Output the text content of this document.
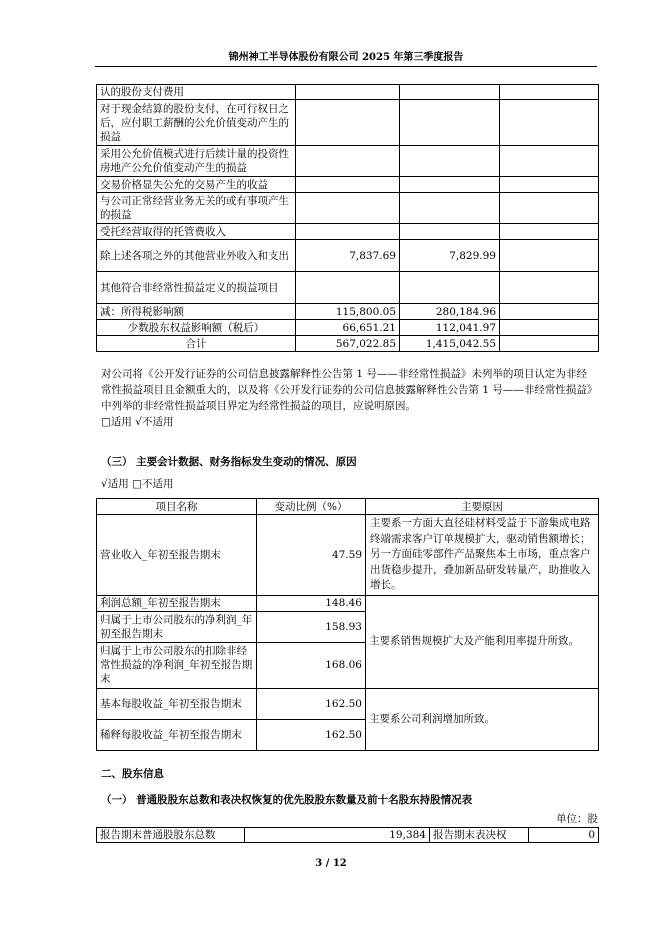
锦州神工半导体股份有限公司 2025 年第三季度报告
认的股份支付费用			
对于现金结算的股份支付，在可行权日之后，应付职工薪酬的公允价值变动产生的损益			
采用公允价值模式进行后续计量的投资性房地产公允价值变动产生的损益			
交易价格显失公允的交易产生的收益			
与公司正常经营业务无关的或有事项产生的损益			
受托经营取得的托管费收入			
除上述各项之外的其他营业外收入和支出	7,837.69	7,829.99	
其他符合非经常性损益定义的损益项目			
减：所得税影响额	115,800.05	280,184.96	
少数股东权益影响额（税后）	66,651.21	112,041.97	
合计	567,022.85	1,415,042.55	
对公司将《公开发行证券的公司信息披露解释性公告第 1 号——非经常性损益》未列举的项目认定为非经常性损益项目且金额重大的，以及将《公开发行证券的公司信息披露解释性公告第 1 号——非经常性损益》中列举的非经常性损益项目界定为经常性损益的项目，应说明原因。
□适用 √不适用
（三） 主要会计数据、财务指标发生变动的情况、原因
√适用 □不适用
项目名称	变动比例（%）	主要原因
营业收入_年初至报告期末	47.59	主要系一方面大直径硅材料受益于下游集成电路终端需求客户订单规模扩大，驱动销售额增长；另一方面硅零部件产品聚焦本土市场，重点客户出货稳步提升，叠加新品研发转量产，助推收入增长。
利润总额_年初至报告期末	148.46	主要系销售规模扩大及产能利用率提升所致。
归属于上市公司股东的净利润_年初至报告期末	158.93	
归属于上市公司股东的扣除非经常性损益的净利润_年初至报告期末	168.06	
基本每股收益_年初至报告期末	162.50	主要系公司利润增加所致。
稀释每股收益_年初至报告期末	162.50	
二、股东信息
（一） 普通股股东总数和表决权恢复的优先股股东数量及前十名股东持股情况表
单位：股
报告期末普通股股东总数	19,384	报告期末表决权	0
3 / 12
